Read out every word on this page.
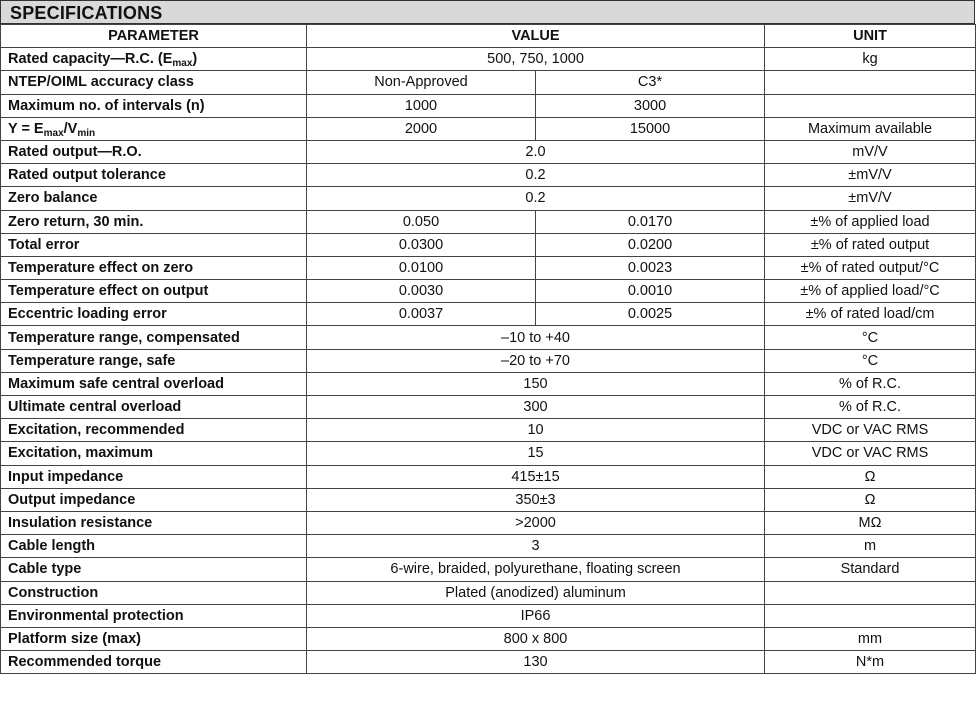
SPECIFICATIONS
PARAMETER	VALUE		UNIT
Rated capacity—R.C. $(E_{max})$	500, 750, 1000		kg
NTEP/OIML accuracy class	Non-Approved	C3*	
Maximum no. of intervals (n)	1000	3000	
$Y = E_{max}/V_{min}$	2000	15000	Maximum available
Rated output—R.O.	2.0		mV/V
Rated output tolerance	0.2		±mV/V
Zero balance	0.2		±mV/V
Zero return, 30 min.	0.050	0.0170	±% of applied load
Total error	0.0300	0.0200	±% of rated output
Temperature effect on zero	0.0100	0.0023	±% of rated output/°C
Temperature effect on output	0.0030	0.0010	±% of applied load/°C
Eccentric loading error	0.0037	0.0025	±% of rated load/cm
Temperature range, compensated	–10 to +40		°C
Temperature range, safe	–20 to +70		°C
Maximum safe central overload	150		% of R.C.
Ultimate central overload	300		% of R.C.
Excitation, recommended	10		VDC or VAC RMS
Excitation, maximum	15		VDC or VAC RMS
Input impedance	415±15		Ω
Output impedance	350±3		Ω
Insulation resistance	>2000		MΩ
Cable length	3		m
Cable type	6-wire, braided, polyurethane, floating screen		Standard
Construction	Plated (anodized) aluminum		
Environmental protection	IP66		
Platform size (max)	800 x 800		mm
Recommended torque	130		N*m
